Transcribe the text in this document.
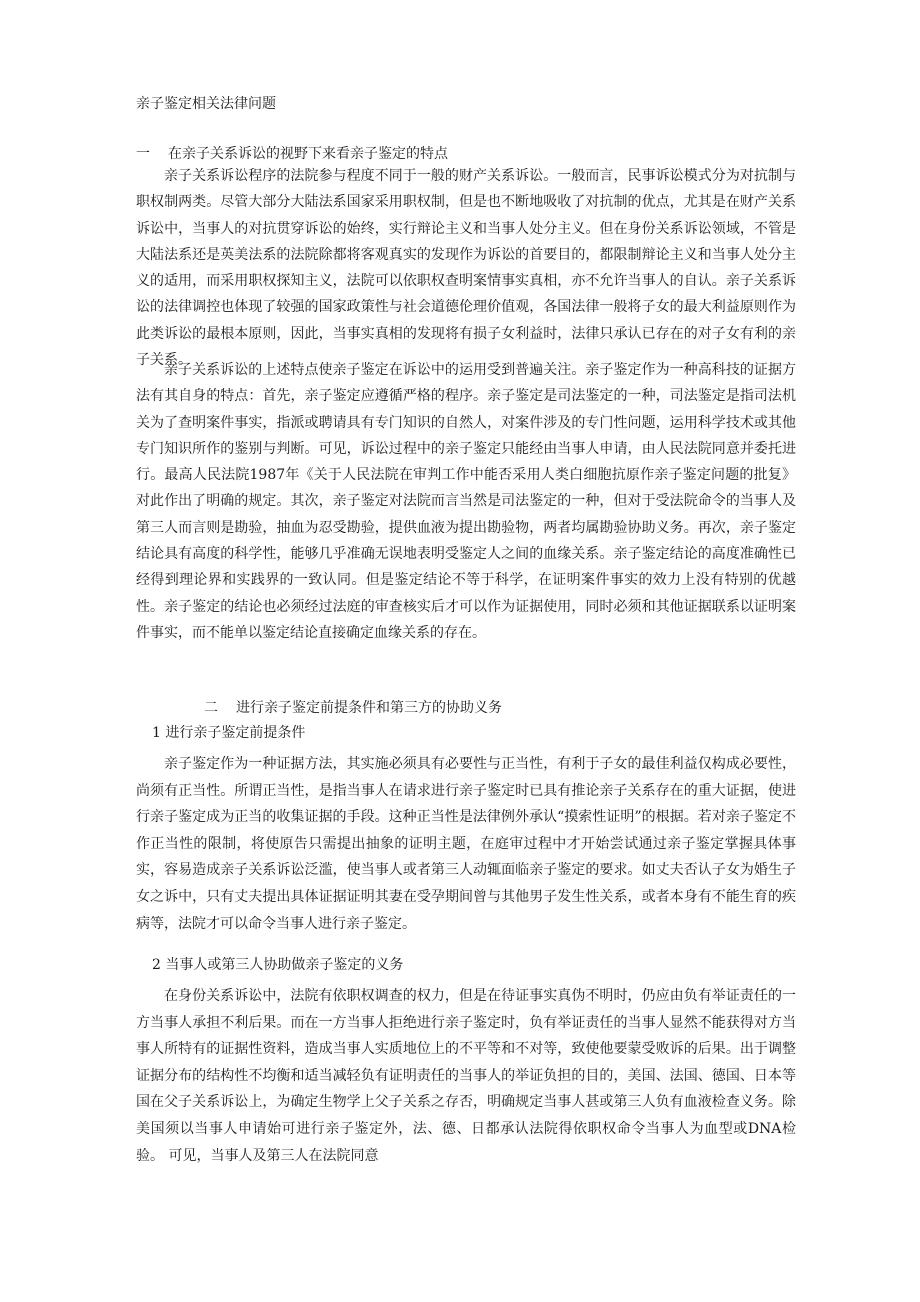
亲子鉴定相关法律问题
一 在亲子关系诉讼的视野下来看亲子鉴定的特点

亲子关系诉讼程序的法院参与程度不同于一般的财产关系诉讼。一般而言，民事诉讼模式分为对抗制与职权制两类。尽管大部分大陆法系国家采用职权制，但是也不断地吸收了对抗制的优点，尤其是在财产关系诉讼中，当事人的对抗贯穿诉讼的始终，实行辩论主义和当事人处分主义。但在身份关系诉讼领域，不管是大陆法系还是英美法系的法院除都将客观真实的发现作为诉讼的首要目的，都限制辩论主义和当事人处分主义的适用，而采用职权探知主义，法院可以依职权查明案情事实真相，亦不允许当事人的自认。亲子关系诉讼的法律调控也体现了较强的国家政策性与社会道德伦理价值观，各国法律一般将子女的最大利益原则作为此类诉讼的最根本原则，因此，当事实真相的发现将有损子女利益时，法律只承认已存在的对子女有利的亲子关系。

亲子关系诉讼的上述特点使亲子鉴定在诉讼中的运用受到普遍关注。亲子鉴定作为一种高科技的证据方法有其自身的特点：首先，亲子鉴定应遵循严格的程序。亲子鉴定是司法鉴定的一种，司法鉴定是指司法机关为了查明案件事实，指派或聘请具有专门知识的自然人，对案件涉及的专门性问题，运用科学技术或其他专门知识所作的鉴别与判断。可见，诉讼过程中的亲子鉴定只能经由当事人申请，由人民法院同意并委托进行。最高人民法院1987年《关于人民法院在审判工作中能否采用人类白细胞抗原作亲子鉴定问题的批复》对此作出了明确的规定。其次，亲子鉴定对法院而言当然是司法鉴定的一种，但对于受法院命令的当事人及第三人而言则是勘验，抽血为忍受勘验，提供血液为提出勘验物，两者均属勘验协助义务。再次，亲子鉴定结论具有高度的科学性，能够几乎准确无误地表明受鉴定人之间的血缘关系。亲子鉴定结论的高度准确性已经得到理论界和实践界的一致认同。但是鉴定结论不等于科学，在证明案件事实的效力上没有特别的优越性。亲子鉴定的结论也必须经过法庭的审查核实后才可以作为证据使用，同时必须和其他证据联系以证明案件事实，而不能单以鉴定结论直接确定血缘关系的存在。

二 进行亲子鉴定前提条件和第三方的协助义务
1 进行亲子鉴定前提条件

亲子鉴定作为一种证据方法，其实施必须具有必要性与正当性，有利于子女的最佳利益仅构成必要性，尚须有正当性。所谓正当性，是指当事人在请求进行亲子鉴定时已具有推论亲子关系存在的重大证据，使进行亲子鉴定成为正当的收集证据的手段。这种正当性是法律例外承认“摸索性证明”的根据。若对亲子鉴定不作正当性的限制，将使原告只需提出抽象的证明主题，在庭审过程中才开始尝试通过亲子鉴定掌握具体事实，容易造成亲子关系诉讼泛滥，使当事人或者第三人动辄面临亲子鉴定的要求。如丈夫否认子女为婚生子女之诉中，只有丈夫提出具体证据证明其妻在受孕期间曾与其他男子发生性关系，或者本身有不能生育的疾病等，法院才可以命令当事人进行亲子鉴定。

2 当事人或第三人协助做亲子鉴定的义务

在身份关系诉讼中，法院有依职权调查的权力，但是在待证事实真伪不明时，仍应由负有举证责任的一方当事人承担不利后果。而在一方当事人拒绝进行亲子鉴定时，负有举证责任的当事人显然不能获得对方当事人所特有的证据性资料，造成当事人实质地位上的不平等和不对等，致使他要蒙受败诉的后果。出于调整证据分布的结构性不均衡和适当减轻负有证明责任的当事人的举证负担的目的，美国、法国、德国、日本等国在父子关系诉讼上，为确定生物学上父子关系之存否，明确规定当事人甚或第三人负有血液检查义务。除美国须以当事人申请始可进行亲子鉴定外，法、德、日都承认法院得依职权命令当事人为血型或DNA检验。 可见，当事人及第三人在法院同意
